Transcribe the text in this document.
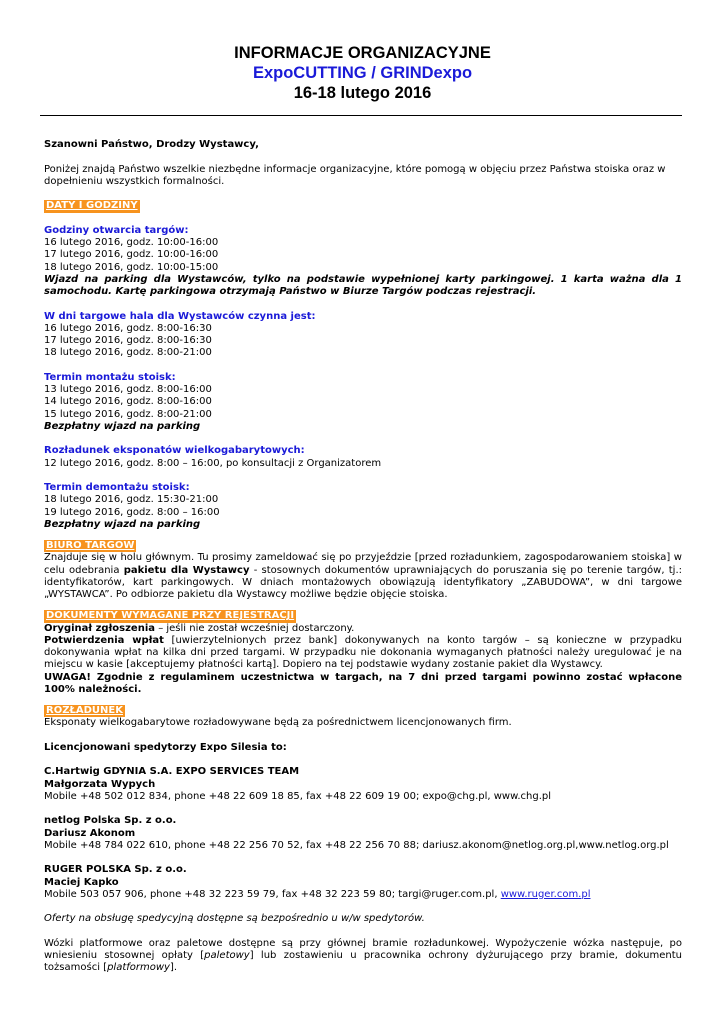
INFORMACJE ORGANIZACYJNE
ExpoCUTTING / GRINDexpo
16-18 lutego 2016

Szanowni Państwo, Drodzy Wystawcy,

Poniżej znajdą Państwo wszelkie niezbędne informacje organizacyjne, które pomogą w objęciu przez Państwa stoiska oraz w dopełnieniu wszystkich formalności.

DATY I GODZINY

Godziny otwarcia targów:

16 lutego 2016, godz. 10:00-16:00

17 lutego 2016, godz. 10:00-16:00

18 lutego 2016, godz. 10:00-15:00

Wjazd na parking dla Wystawców, tylko na podstawie wypełnionej karty parkingowej. 1 karta ważna dla 1 samochodu. Kartę parkingowa otrzymają Państwo w Biurze Targów podczas rejestracji.

W dni targowe hala dla Wystawców czynna jest:

16 lutego 2016, godz. 8:00-16:30

17 lutego 2016, godz. 8:00-16:30

18 lutego 2016, godz. 8:00-21:00

Termin montażu stoisk:

13 lutego 2016, godz. 8:00-16:00

14 lutego 2016, godz. 8:00-16:00

15 lutego 2016, godz. 8:00-21:00

Bezpłatny wjazd na parking

Rozładunek eksponatów wielkogabarytowych:

12 lutego 2016, godz. 8:00 – 16:00, po konsultacji z Organizatorem

Termin demontażu stoisk:

18 lutego 2016, godz. 15:30-21:00

19 lutego 2016, godz. 8:00 – 16:00

Bezpłatny wjazd na parking

BIURO TARGÓW

Znajduje się w holu głównym. Tu prosimy zameldować się po przyjeździe [przed rozładunkiem, zagospodarowaniem stoiska] w celu odebrania pakietu dla Wystawcy - stosownych dokumentów uprawniających do poruszania się po terenie targów, tj.: identyfikatorów, kart parkingowych. W dniach montażowych obowiązują identyfikatory „ZABUDOWA”, w dni targowe „WYSTAWCA”. Po odbiorze pakietu dla Wystawcy możliwe będzie objęcie stoiska.

DOKUMENTY WYMAGANE PRZY REJESTRACJI

Oryginał zgłoszenia – jeśli nie został wcześniej dostarczony.

Potwierdzenia wpłat [uwierzytelnionych przez bank] dokonywanych na konto targów – są konieczne w przypadku dokonywania wpłat na kilka dni przed targami. W przypadku nie dokonania wymaganych płatności należy uregulować je na miejscu w kasie [akceptujemy płatności kartą]. Dopiero na tej podstawie wydany zostanie pakiet dla Wystawcy.

UWAGA! Zgodnie z regulaminem uczestnictwa w targach, na 7 dni przed targami powinno zostać wpłacone 100% należności.

ROZŁADUNEK

Eksponaty wielkogabarytowe rozładowywane będą za pośrednictwem licencjonowanych firm.

Licencjonowani spedytorzy Expo Silesia to:

C.Hartwig GDYNIA S.A. EXPO SERVICES TEAM

Małgorzata Wypych

Mobile +48 502 012 834, phone +48 22 609 18 85, fax +48 22 609 19 00; expo@chg.pl, www.chg.pl

netlog Polska Sp. z o.o.

Dariusz Akonom

Mobile +48 784 022 610, phone +48 22 256 70 52, fax +48 22 256 70 88; dariusz.akonom@netlog.org.pl,www.netlog.org.pl

RUGER POLSKA Sp. z o.o.

Maciej Kapko

Mobile 503 057 906, phone +48 32 223 59 79, fax +48 32 223 59 80; targi@ruger.com.pl, www.ruger.com.pl

Oferty na obsługę spedycyjną dostępne są bezpośrednio u w/w spedytorów.

Wózki platformowe oraz paletowe dostępne są przy głównej bramie rozładunkowej. Wypożyczenie wózka następuje, po wniesieniu stosownej opłaty [paletowy] lub zostawieniu u pracownika ochrony dyżurującego przy bramie, dokumentu tożsamości [platformowy].
